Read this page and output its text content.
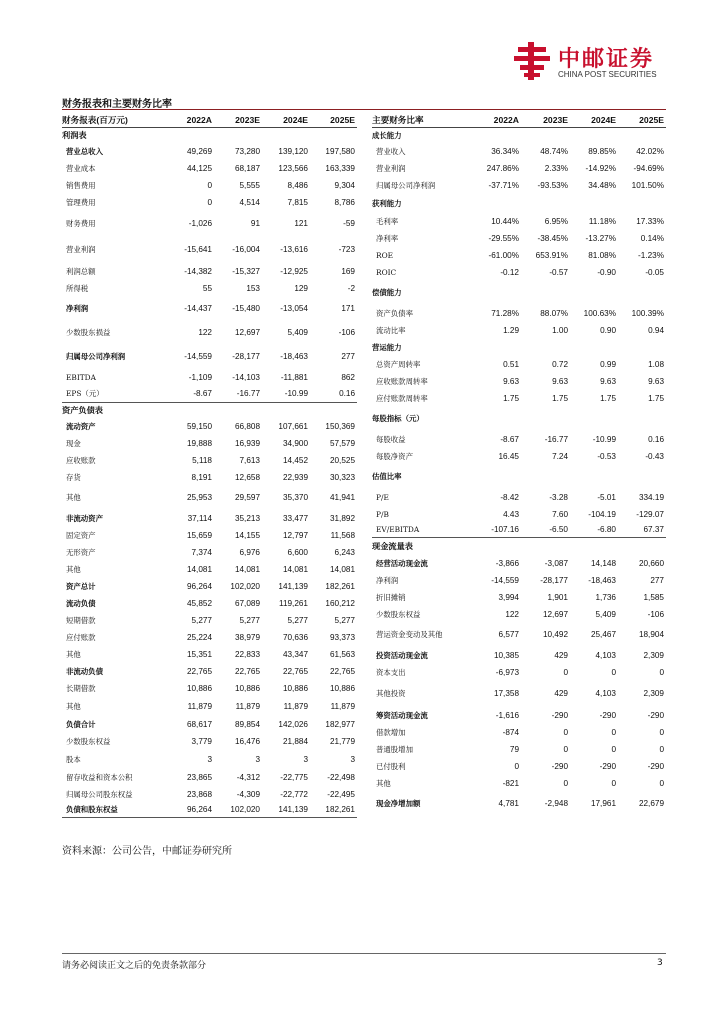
中邮证券
CHINA POST SECURITIES
财务报表和主要财务比率
财务报表(百万元)	2022A	2023E	2024E	2025E
利润表				
营业总收入	49,269	73,280	139,120	197,580
营业成本	44,125	68,187	123,566	163,339
销售费用	0	5,555	8,486	9,304
管理费用	0	4,514	7,815	8,786
财务费用	-1,026	91	121	-59
营业利润	-15,641	-16,004	-13,616	-723
利润总额	-14,382	-15,327	-12,925	169
所得税	55	153	129	-2
净利润	-14,437	-15,480	-13,054	171
少数股东损益	122	12,697	5,409	-106
归属母公司净利润	-14,559	-28,177	-18,463	277
EBITDA	-1,109	-14,103	-11,881	862
EPS（元）	-8.67	-16.77	-10.99	0.16
资产负债表				
流动资产	59,150	66,808	107,661	150,369
现金	19,888	16,939	34,900	57,579
应收账款	5,118	7,613	14,452	20,525
存货	8,191	12,658	22,939	30,323
其他	25,953	29,597	35,370	41,941
非流动资产	37,114	35,213	33,477	31,892
固定资产	15,659	14,155	12,797	11,568
无形资产	7,374	6,976	6,600	6,243
其他	14,081	14,081	14,081	14,081
资产总计	96,264	102,020	141,139	182,261
流动负债	45,852	67,089	119,261	160,212
短期借款	5,277	5,277	5,277	5,277
应付账款	25,224	38,979	70,636	93,373
其他	15,351	22,833	43,347	61,563
非流动负债	22,765	22,765	22,765	22,765
长期借款	10,886	10,886	10,886	10,886
其他	11,879	11,879	11,879	11,879
负债合计	68,617	89,854	142,026	182,977
少数股东权益	3,779	16,476	21,884	21,779
股本	3	3	3	3
留存收益和资本公积	23,865	-4,312	-22,775	-22,498
归属母公司股东权益	23,868	-4,309	-22,772	-22,495
负债和股东权益	96,264	102,020	141,139	182,261
主要财务比率	2022A	2023E	2024E	2025E
成长能力				
营业收入	36.34%	48.74%	89.85%	42.02%
营业利润	247.86%	2.33%	-14.92%	-94.69%
归属母公司净利润	-37.71%	-93.53%	34.48%	101.50%
获利能力				
毛利率	10.44%	6.95%	11.18%	17.33%
净利率	-29.55%	-38.45%	-13.27%	0.14%
ROE	-61.00%	653.91%	81.08%	-1.23%
ROIC	-0.12	-0.57	-0.90	-0.05
偿债能力				
资产负债率	71.28%	88.07%	100.63%	100.39%
流动比率	1.29	1.00	0.90	0.94
营运能力				
总资产周转率	0.51	0.72	0.99	1.08
应收账款周转率	9.63	9.63	9.63	9.63
应付账款周转率	1.75	1.75	1.75	1.75
每股指标（元）				
每股收益	-8.67	-16.77	-10.99	0.16
每股净资产	16.45	7.24	-0.53	-0.43
估值比率				
P/E	-8.42	-3.28	-5.01	334.19
P/B	4.43	7.60	-104.19	-129.07
EV/EBITDA	-107.16	-6.50	-6.80	67.37
现金流量表				
经营活动现金流	-3,866	-3,087	14,148	20,660
净利润	-14,559	-28,177	-18,463	277
折旧摊销	3,994	1,901	1,736	1,585
少数股东权益	122	12,697	5,409	-106
营运资金变动及其他	6,577	10,492	25,467	18,904
投资活动现金流	10,385	429	4,103	2,309
资本支出	-6,973	0	0	0
其他投资	17,358	429	4,103	2,309
筹资活动现金流	-1,616	-290	-290	-290
借款增加	-874	0	0	0
普通股增加	79	0	0	0
已付股利	0	-290	-290	-290
其他	-821	0	0	0
现金净增加额	4,781	-2,948	17,961	22,679
资料来源：公司公告，中邮证券研究所
请务必阅读正文之后的免责条款部分	3
